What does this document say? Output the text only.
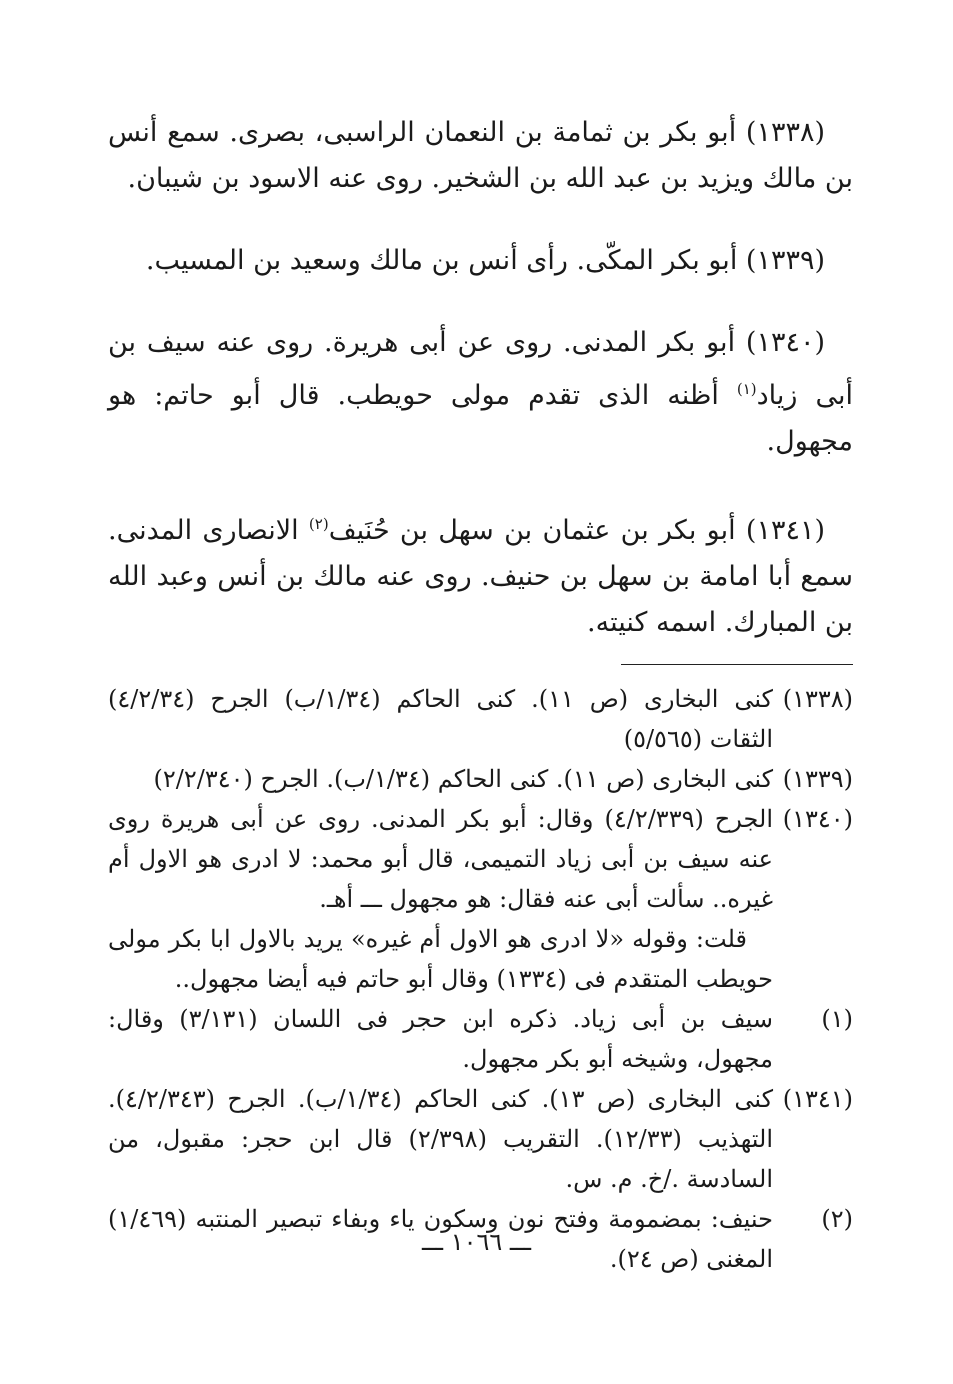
(١٣٣٨) أبو بكر بن ثمامة بن النعمان الراسبى، بصرى. سمع أنس بن مالك ويزيد بن عبد الله بن الشخير. روى عنه الاسود بن شيبان.

(١٣٣٩) أبو بكر المكّى. رأى أنس بن مالك وسعيد بن المسيب.

(١٣٤٠) أبو بكر المدنى. روى عن أبى هريرة. روى عنه سيف بن أبى زياد$^{(١)}$ أظنه الذى تقدم مولى حويطب. قال أبو حاتم: هو مجهول.

(١٣٤١) أبو بكر بن عثمان بن سهل بن حُنَيف$^{(٢)}$ الانصارى المدنى. سمع أبا امامة بن سهل بن حنيف. روى عنه مالك بن أنس وعبد الله بن المبارك. اسمه كنيته.

(١٣٣٨)

كنى البخارى (ص ١١). كنى الحاكم (١/٣٤/ب) الجرح (٤/٢/٣٤) الثقات (٥/٥٦٥)

(١٣٣٩)

كنى البخارى (ص ١١). كنى الحاكم (١/٣٤/ب). الجرح (٢/٢/٣٤٠)

(١٣٤٠)

الجرح (٤/٢/٣٣٩) وقال: أبو بكر المدنى. روى عن أبى هريرة روى عنه سيف بن أبى زياد التميمى، قال أبو محمد: لا ادرى هو الاول أم غيره.. سألت أبى عنه فقال: هو مجهول ـــ أهـ.

قلت: وقوله «لا ادرى هو الاول أم غيره» يريد بالاول ابا بكر مولى حويطب المتقدم فى (١٣٣٤) وقال أبو حاتم فيه أيضا مجهول..

(١)

سيف بن أبى زياد. ذكره ابن حجر فى اللسان (٣/١٣١) وقال: مجهول، وشيخه أبو بكر مجهول.

(١٣٤١)

كنى البخارى (ص ١٣). كنى الحاكم (١/٣٤/ب). الجرح (٤/٢/٣٤٣). التهذيب (١٢/٣٣). التقريب (٢/٣٩٨) قال ابن حجر: مقبول، من السادسة ./خ. م. س.

(٢)

حنيف: بمضمومة وفتح نون وسكون ياء وبفاء تبصير المنتبه (١/٤٦٩) المغنى (ص ٢٤).

ـــ ١٠٦٦ ـــ
